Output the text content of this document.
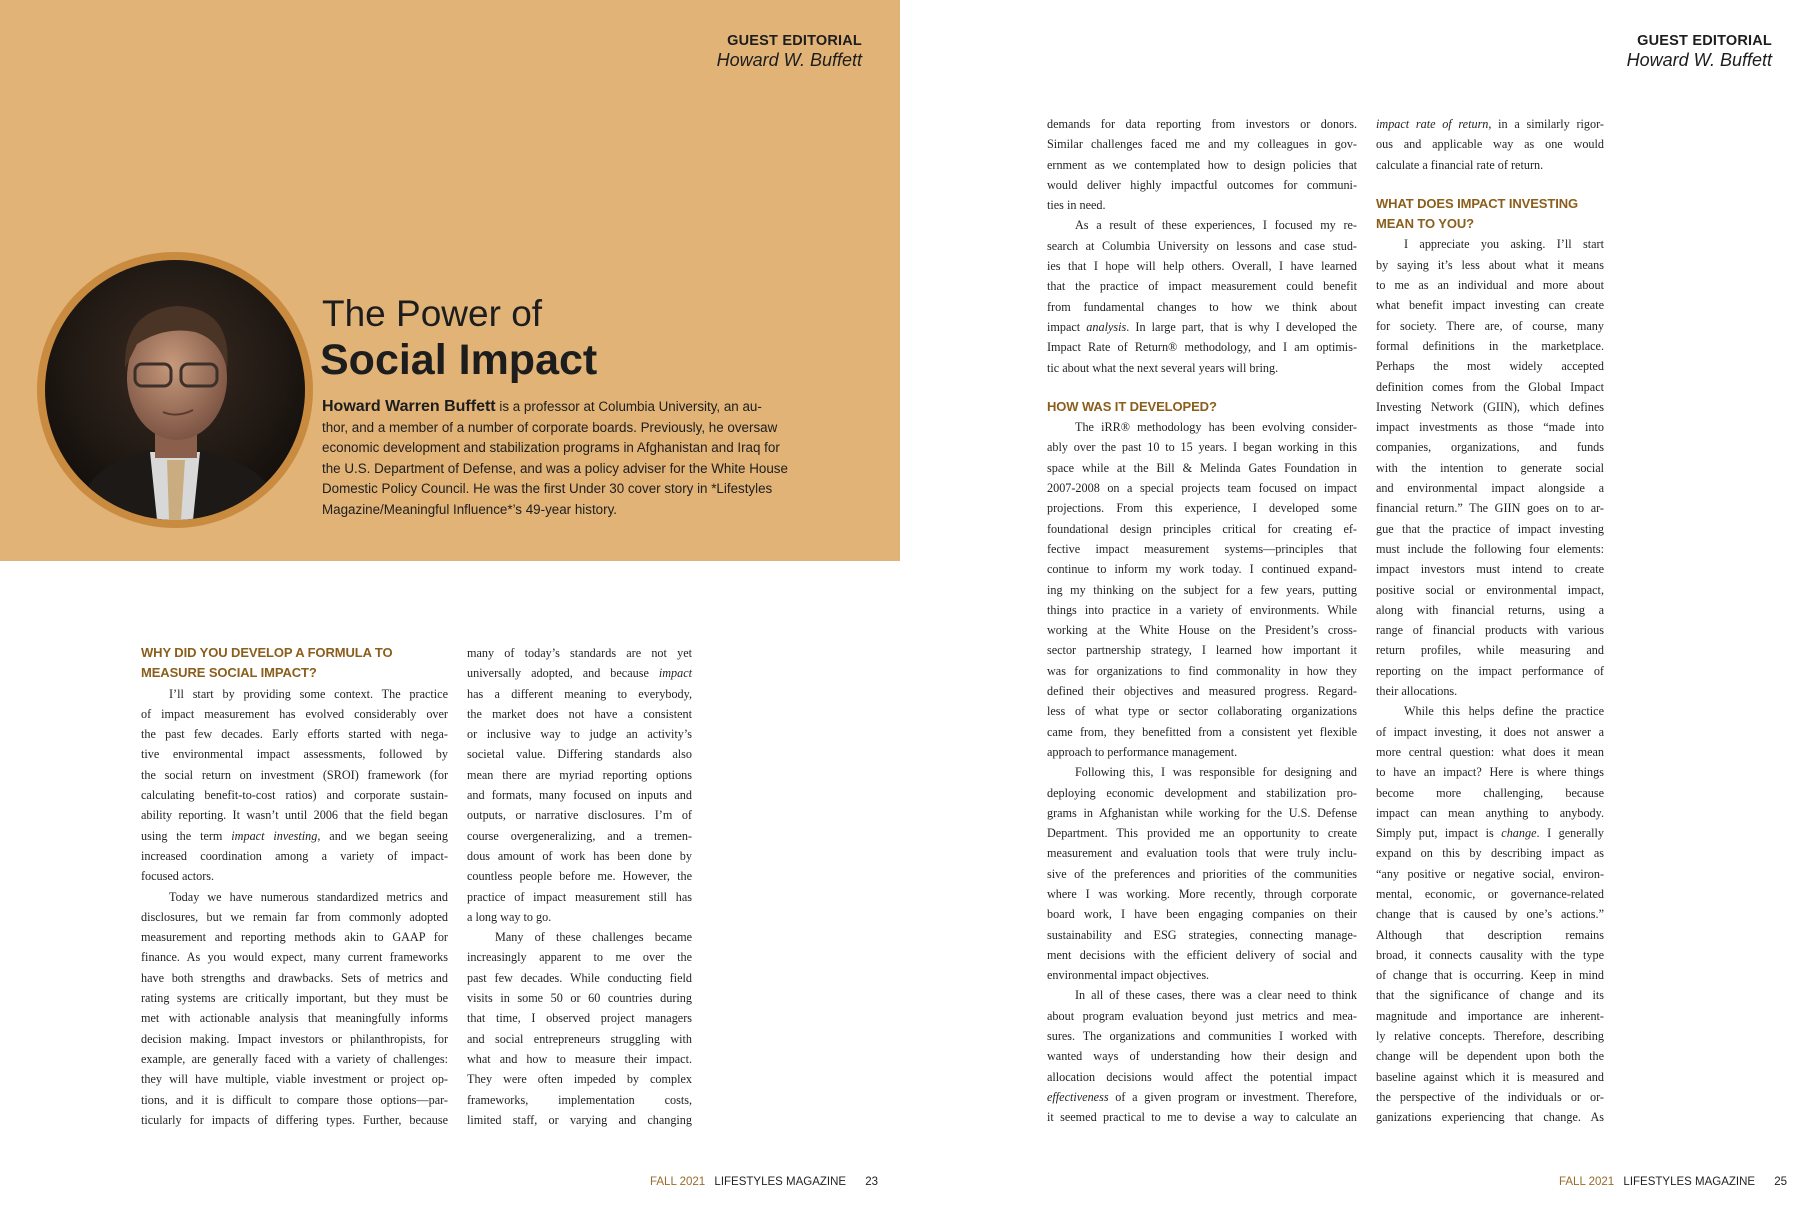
GUEST EDITORIAL
Howard W. Buffett
GUEST EDITORIAL
Howard W. Buffett
The Power of
Social Impact
Howard Warren Buffett is a professor at Columbia University, an au-
thor, and a member of a number of corporate boards. Previously, he oversaw
economic development and stabilization programs in Afghanistan and Iraq for
the U.S. Department of Defense, and was a policy adviser for the White House
Domestic Policy Council. He was the first Under 30 cover story in *Lifestyles
Magazine/Meaningful Influence*’s 49-year history.
WHY DID YOU DEVELOP A FORMULA TO
MEASURE SOCIAL IMPACT?
I’ll start by providing some context. The practice
of impact measurement has evolved considerably over
the past few decades. Early efforts started with nega-
tive environmental impact assessments, followed by
the social return on investment (SROI) framework (for
calculating benefit-to-cost ratios) and corporate sustain-
ability reporting. It wasn’t until 2006 that the field began
using the term impact investing, and we began seeing
increased coordination among a variety of impact-
focused actors.
Today we have numerous standardized metrics and
disclosures, but we remain far from commonly adopted
measurement and reporting methods akin to GAAP for
finance. As you would expect, many current frameworks
have both strengths and drawbacks. Sets of metrics and
rating systems are critically important, but they must be
met with actionable analysis that meaningfully informs
decision making. Impact investors or philanthropists, for
example, are generally faced with a variety of challenges:
they will have multiple, viable investment or project op-
tions, and it is difficult to compare those options—par-
ticularly for impacts of differing types. Further, because
many of today’s standards are not yet
universally adopted, and because impact
has a different meaning to everybody,
the market does not have a consistent
or inclusive way to judge an activity’s
societal value. Differing standards also
mean there are myriad reporting options
and formats, many focused on inputs and
outputs, or narrative disclosures. I’m of
course overgeneralizing, and a tremen-
dous amount of work has been done by
countless people before me. However, the
practice of impact measurement still has
a long way to go.
Many of these challenges became
increasingly apparent to me over the
past few decades. While conducting field
visits in some 50 or 60 countries during
that time, I observed project managers
and social entrepreneurs struggling with
what and how to measure their impact.
They were often impeded by complex
frameworks, implementation costs,
limited staff, or varying and changing
demands for data reporting from investors or donors.
Similar challenges faced me and my colleagues in gov-
ernment as we contemplated how to design policies that
would deliver highly impactful outcomes for communi-
ties in need.
As a result of these experiences, I focused my re-
search at Columbia University on lessons and case stud-
ies that I hope will help others. Overall, I have learned
that the practice of impact measurement could benefit
from fundamental changes to how we think about
impact analysis. In large part, that is why I developed the
Impact Rate of Return® methodology, and I am optimis-
tic about what the next several years will bring.
HOW WAS IT DEVELOPED?
The iRR® methodology has been evolving consider-
ably over the past 10 to 15 years. I began working in this
space while at the Bill & Melinda Gates Foundation in
2007-2008 on a special projects team focused on impact
projections. From this experience, I developed some
foundational design principles critical for creating ef-
fective impact measurement systems—principles that
continue to inform my work today. I continued expand-
ing my thinking on the subject for a few years, putting
things into practice in a variety of environments. While
working at the White House on the President’s cross-
sector partnership strategy, I learned how important it
was for organizations to find commonality in how they
defined their objectives and measured progress. Regard-
less of what type or sector collaborating organizations
came from, they benefitted from a consistent yet flexible
approach to performance management.
Following this, I was responsible for designing and
deploying economic development and stabilization pro-
grams in Afghanistan while working for the U.S. Defense
Department. This provided me an opportunity to create
measurement and evaluation tools that were truly inclu-
sive of the preferences and priorities of the communities
where I was working. More recently, through corporate
board work, I have been engaging companies on their
sustainability and ESG strategies, connecting manage-
ment decisions with the efficient delivery of social and
environmental impact objectives.
In all of these cases, there was a clear need to think
about program evaluation beyond just metrics and mea-
sures. The organizations and communities I worked with
wanted ways of understanding how their design and
allocation decisions would affect the potential impact
effectiveness of a given program or investment. Therefore,
it seemed practical to me to devise a way to calculate an
impact rate of return, in a similarly rigor-
ous and applicable way as one would
calculate a financial rate of return.
WHAT DOES IMPACT INVESTING
MEAN TO YOU?
I appreciate you asking. I’ll start
by saying it’s less about what it means
to me as an individual and more about
what benefit impact investing can create
for society. There are, of course, many
formal definitions in the marketplace.
Perhaps the most widely accepted
definition comes from the Global Impact
Investing Network (GIIN), which defines
impact investments as those “made into
companies, organizations, and funds
with the intention to generate social
and environmental impact alongside a
financial return.” The GIIN goes on to ar-
gue that the practice of impact investing
must include the following four elements:
impact investors must intend to create
positive social or environmental impact,
along with financial returns, using a
range of financial products with various
return profiles, while measuring and
reporting on the impact performance of
their allocations.
While this helps define the practice
of impact investing, it does not answer a
more central question: what does it mean
to have an impact? Here is where things
become more challenging, because
impact can mean anything to anybody.
Simply put, impact is change. I generally
expand on this by describing impact as
“any positive or negative social, environ-
mental, economic, or governance-related
change that is caused by one’s actions.”
Although that description remains
broad, it connects causality with the type
of change that is occurring. Keep in mind
that the significance of change and its
magnitude and importance are inherent-
ly relative concepts. Therefore, describing
change will be dependent upon both the
baseline against which it is measured and
the perspective of the individuals or or-
ganizations experiencing that change. As
FALL 2021 LIFESTYLES MAGAZINE 23	FALL 2021 LIFESTYLES MAGAZINE 25
